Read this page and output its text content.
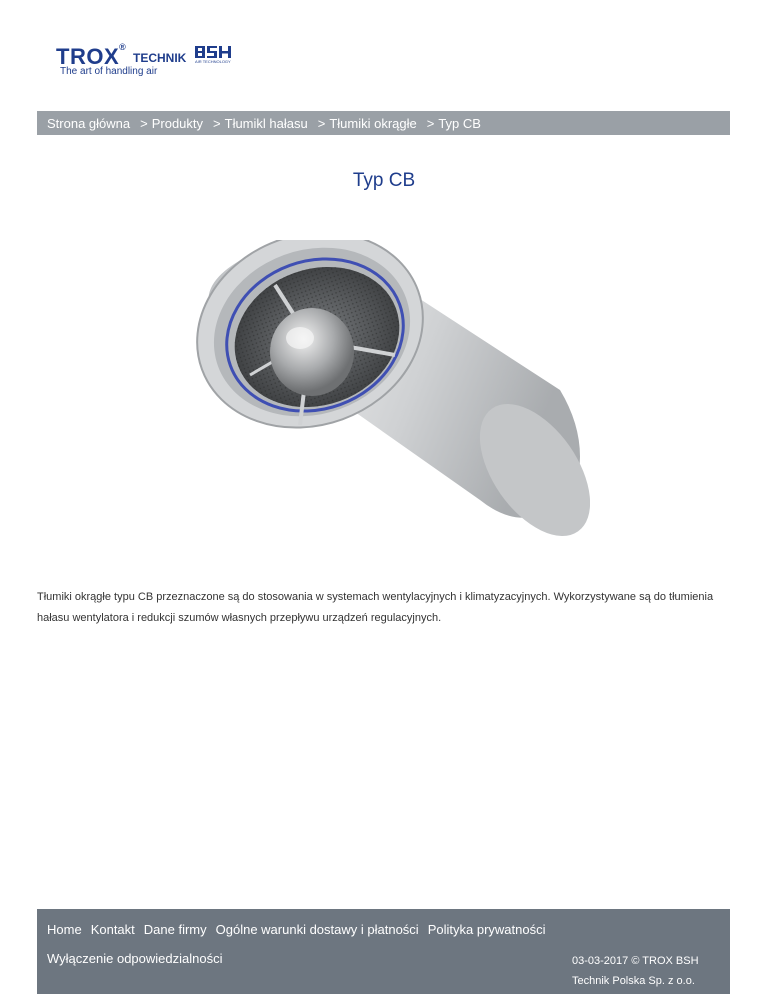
TROX®
TECHNIK
The art of handling air
AIR TECHNOLOGY
Strona główna > Produkty > Tłumikl hałasu > Tłumiki okrągłe > Typ CB
Typ CB

Tłumiki okrągłe typu CB przeznaczone są do stosowania w systemach wentylacyjnych i klimatyzacyjnych. Wykorzystywane są do tłumienia hałasu wentylatora i redukcji szumów własnych przepływu urządzeń regulacyjnych.

Home Kontakt Dane firmy Ogólne warunki dostawy i płatności Polityka prywatności
Wyłączenie odpowiedzialności	03-03-2017 © TROX BSH
Technik Polska Sp. z o.o.
